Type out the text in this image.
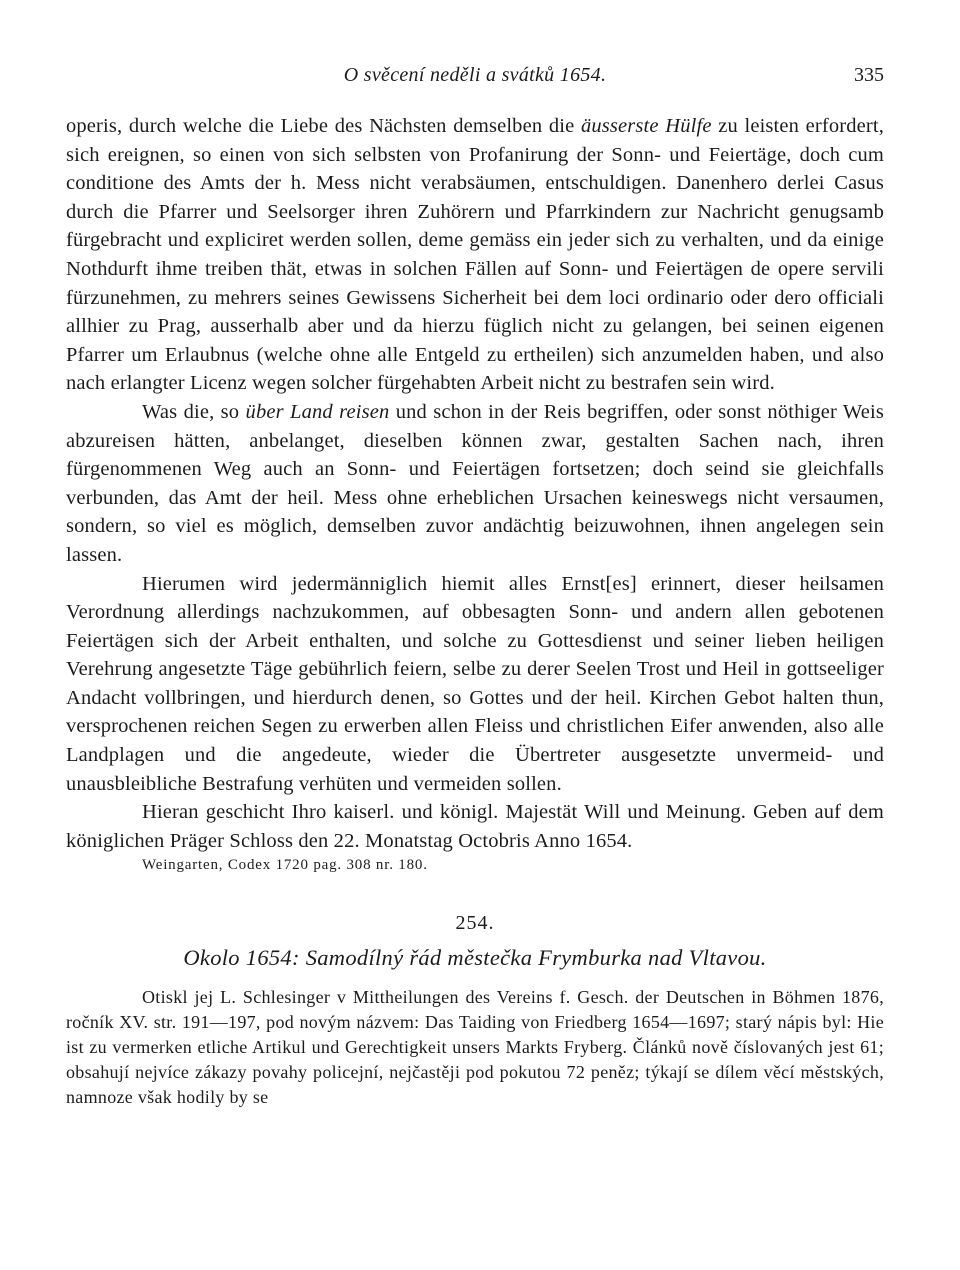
O svěcení neděli a svátků 1654.	335

operis, durch welche die Liebe des Nächsten demselben die äusserste Hülfe zu leisten erfordert, sich ereignen, so einen von sich selbsten von Profanirung der Sonn- und Feiertäge, doch cum conditione des Amts der h. Mess nicht verabsäumen, entschuldigen. Danenhero derlei Casus durch die Pfarrer und Seelsorger ihren Zuhörern und Pfarrkindern zur Nachricht genugsamb fürgebracht und expliciret werden sollen, deme gemäss ein jeder sich zu verhalten, und da einige Nothdurft ihme treiben thät, etwas in solchen Fällen auf Sonn- und Feiertägen de opere servili fürzunehmen, zu mehrers seines Gewissens Sicherheit bei dem loci ordinario oder dero officiali allhier zu Prag, ausserhalb aber und da hierzu füglich nicht zu gelangen, bei seinen eigenen Pfarrer um Erlaubnus (welche ohne alle Entgeld zu ertheilen) sich anzumelden haben, und also nach erlangter Licenz wegen solcher fürgehabten Arbeit nicht zu bestrafen sein wird.

Was die, so über Land reisen und schon in der Reis begriffen, oder sonst nöthiger Weis abzureisen hätten, anbelanget, dieselben können zwar, gestalten Sachen nach, ihren fürgenommenen Weg auch an Sonn- und Feiertägen fortsetzen; doch seind sie gleichfalls verbunden, das Amt der heil. Mess ohne erheblichen Ursachen keineswegs nicht versaumen, sondern, so viel es möglich, demselben zuvor andächtig beizuwohnen, ihnen angelegen sein lassen.

Hierumen wird jedermänniglich hiemit alles Ernst[es] erinnert, dieser heilsamen Verordnung allerdings nachzukommen, auf obbesagten Sonn- und andern allen gebotenen Feiertägen sich der Arbeit enthalten, und solche zu Gottesdienst und seiner lieben heiligen Verehrung angesetzte Täge gebührlich feiern, selbe zu derer Seelen Trost und Heil in gottseeliger Andacht vollbringen, und hierdurch denen, so Gottes und der heil. Kirchen Gebot halten thun, versprochenen reichen Segen zu erwerben allen Fleiss und christlichen Eifer anwenden, also alle Landplagen und die angedeute, wieder die Übertreter ausgesetzte unvermeid- und unausbleibliche Bestrafung verhüten und vermeiden sollen.

Hieran geschicht Ihro kaiserl. und königl. Majestät Will und Meinung. Geben auf dem königlichen Präger Schloss den 22. Monatstag Octobris Anno 1654.

Weingarten, Codex 1720 pag. 308 nr. 180.
254.
Okolo 1654: Samodílný řád městečka Frymburka nad Vltavou.

Otiskl jej L. Schlesinger v Mittheilungen des Vereins f. Gesch. der Deutschen in Böhmen 1876, ročník XV. str. 191—197, pod novým názvem: Das Taiding von Friedberg 1654—1697; starý nápis byl: Hie ist zu vermerken etliche Artikul und Gerechtigkeit unsers Markts Fryberg. Článků nově číslovaných jest 61; obsahují nejvíce zákazy povahy policejní, nejčastěji pod pokutou 72 peněz; týkají se dílem věcí městských, namnoze však hodily by se
